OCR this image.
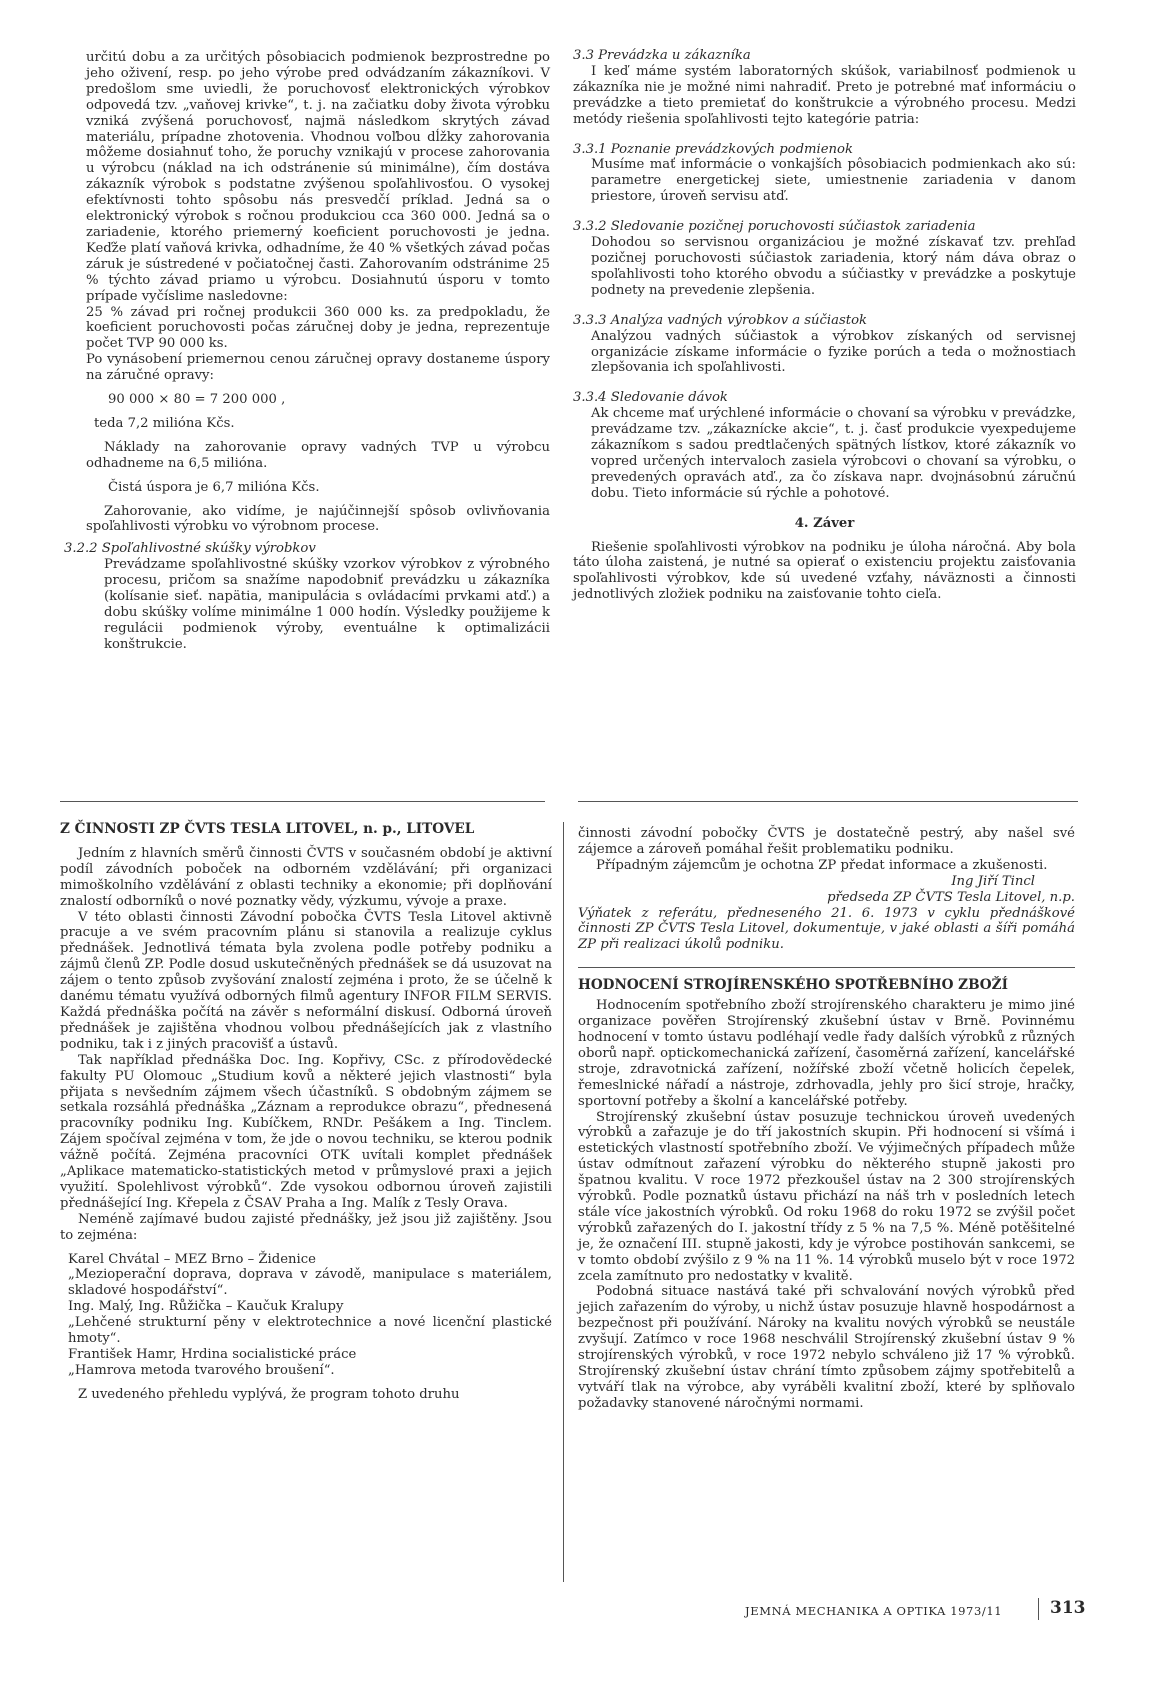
určitú dobu a za určitých pôsobiacich podmienok bezprostredne po jeho oživení, resp. po jeho výrobe pred odvádzaním zákazníkovi. V predošlom sme uviedli, že poruchovosť elektronických výrobkov odpovedá tzv. „vaňovej krivke“, t. j. na začiatku doby života výrobku vzniká zvýšená poruchovosť, najmä následkom skrytých závad materiálu, prípadne zhotovenia. Vhodnou voľbou dĺžky zahorovania môžeme dosiahnuť toho, že poruchy vznikajú v procese zahorovania u výrobcu (náklad na ich odstránenie sú minimálne), čím dostáva zákazník výrobok s podstatne zvýšenou spoľahlivosťou. O vysokej efektívnosti tohto spôsobu nás presvedčí príklad. Jedná sa o elektronický výrobok s ročnou produkciou cca 360 000. Jedná sa o zariadenie, ktorého priemerný koeficient poruchovosti je jedna. Keďže platí vaňová krivka, odhadníme, že 40 % všetkých závad počas záruk je sústredené v počiatočnej časti. Zahorovaním odstránime 25 % týchto závad priamo u výrobcu. Dosiahnutú úsporu v tomto prípade vyčíslime nasledovne:

25 % závad pri ročnej produkcii 360 000 ks. za predpokladu, že koeficient poruchovosti počas záručnej doby je jedna, reprezentuje počet TVP 90 000 ks.

Po vynásobení priemernou cenou záručnej opravy dostaneme úspory na záručné opravy:

90 000 × 80 = 7 200 000 ,

teda 7,2 milióna Kčs.

Náklady na zahorovanie opravy vadných TVP u výrobcu odhadneme na 6,5 milióna.

Čistá úspora je 6,7 milióna Kčs.

Zahorovanie, ako vidíme, je najúčinnejší spôsob ovlivňovania spoľahlivosti výrobku vo výrobnom procese.

3.2.2 Spoľahlivostné skúšky výrobkov

Prevádzame spoľahlivostné skúšky vzorkov výrobkov z výrobného procesu, pričom sa snažíme napodobniť prevádzku u zákazníka (kolísanie sieť. napätia, manipulácia s ovládacími prvkami atď.) a dobu skúšky volíme minimálne 1 000 hodín. Výsledky použijeme k regulácii podmienok výroby, eventuálne k optimalizácii konštrukcie.

3.3 Prevádzka u zákazníka

I keď máme systém laboratorných skúšok, variabilnosť podmienok u zákazníka nie je možné nimi nahradiť. Preto je potrebné mať informáciu o prevádzke a tieto premietať do konštrukcie a výrobného procesu. Medzi metódy riešenia spoľahlivosti tejto kategórie patria:

3.3.1 Poznanie prevádzkových podmienok

Musíme mať informácie o vonkajších pôsobiacich podmienkach ako sú: parametre energetickej siete, umiestnenie zariadenia v danom priestore, úroveň servisu atď.

3.3.2 Sledovanie pozičnej poruchovosti súčiastok zariadenia

Dohodou so servisnou organizáciou je možné získavať tzv. prehľad pozičnej poruchovosti súčiastok zariadenia, ktorý nám dáva obraz o spoľahlivosti toho ktorého obvodu a súčiastky v prevádzke a poskytuje podnety na prevedenie zlepšenia.

3.3.3 Analýza vadných výrobkov a súčiastok

Analýzou vadných súčiastok a výrobkov získaných od servisnej organizácie získame informácie o fyzike porúch a teda o možnostiach zlepšovania ich spoľahlivosti.

3.3.4 Sledovanie dávok

Ak chceme mať urýchlené informácie o chovaní sa výrobku v prevádzke, prevádzame tzv. „zákaznícke akcie“, t. j. časť produkcie vyexpedujeme zákazníkom s sadou predtlačených spätných lístkov, ktoré zákazník vo vopred určených intervaloch zasiela výrobcovi o chovaní sa výrobku, o prevedených opravách atď., za čo získava napr. dvojnásobnú záručnú dobu. Tieto informácie sú rýchle a pohotové.

4. Záver

Riešenie spoľahlivosti výrobkov na podniku je úloha náročná. Aby bola táto úloha zaistená, je nutné sa opierať o existenciu projektu zaisťovania spoľahlivosti výrobkov, kde sú uvedené vzťahy, náväznosti a činnosti jednotlivých zložiek podniku na zaisťovanie tohto cieľa.

Z ČINNOSTI ZP ČVTS TESLA LITOVEL, n. p., LITOVEL

Jedním z hlavních směrů činnosti ČVTS v současném období je aktivní podíl závodních poboček na odborném vzdělávání; při organizaci mimoškolního vzdělávání z oblasti techniky a ekonomie; při doplňování znalostí odborníků o nové poznatky vědy, výzkumu, vývoje a praxe.

V této oblasti činnosti Závodní pobočka ČVTS Tesla Litovel aktivně pracuje a ve svém pracovním plánu si stanovila a realizuje cyklus přednášek. Jednotlivá témata byla zvolena podle potřeby podniku a zájmů členů ZP. Podle dosud uskutečněných přednášek se dá usuzovat na zájem o tento způsob zvyšování znalostí zejména i proto, že se účelně k danému tématu využívá odborných filmů agentury INFOR FILM SERVIS. Každá přednáška počítá na závěr s neformální diskusí. Odborná úroveň přednášek je zajištěna vhodnou volbou přednášejících jak z vlastního podniku, tak i z jiných pracovišť a ústavů.

Tak například přednáška Doc. Ing. Kopřivy, CSc. z přírodovědecké fakulty PU Olomouc „Studium kovů a některé jejich vlastnosti“ byla přijata s nevšedním zájmem všech účastníků. S obdobným zájmem se setkala rozsáhlá přednáška „Záznam a reprodukce obrazu“, přednesená pracovníky podniku Ing. Kubíčkem, RNDr. Pešákem a Ing. Tinclem. Zájem spočíval zejména v tom, že jde o novou techniku, se kterou podnik vážně počítá. Zejména pracovníci OTK uvítali komplet přednášek „Aplikace matematicko-statistických metod v průmyslové praxi a jejich využití. Spolehlivost výrobků“. Zde vysokou odbornou úroveň zajistili přednášející Ing. Křepela z ČSAV Praha a Ing. Malík z Tesly Orava.

Neméně zajímavé budou zajisté přednášky, jež jsou již zajištěny. Jsou to zejména:

Karel Chvátal – MEZ Brno – Židenice

„Mezioperační doprava, doprava v závodě, manipulace s materiálem, skladové hospodářství“.

Ing. Malý, Ing. Růžička – Kaučuk Kralupy

„Lehčené strukturní pěny v elektrotechnice a nové licenční plastické hmoty“.

František Hamr, Hrdina socialistické práce

„Hamrova metoda tvarového broušení“.

Z uvedeného přehledu vyplývá, že program tohoto druhu

činnosti závodní pobočky ČVTS je dostatečně pestrý, aby našel své zájemce a zároveň pomáhal řešit problematiku podniku.

Případným zájemcům je ochotna ZP předat informace a zkušenosti.

Ing Jiří Tincl

předseda ZP ČVTS Tesla Litovel, n.p.

Výňatek z referátu, předneseného 21. 6. 1973 v cyklu přednáškové činnosti ZP ČVTS Tesla Litovel, dokumentuje, v jaké oblasti a šíři pomáhá ZP při realizaci úkolů podniku.

HODNOCENÍ STROJÍRENSKÉHO SPOTŘEBNÍHO ZBOŽÍ

Hodnocením spotřebního zboží strojírenského charakteru je mimo jiné organizace pověřen Strojírenský zkušební ústav v Brně. Povinnému hodnocení v tomto ústavu podléhají vedle řady dalších výrobků z různých oborů např. optickomechanická zařízení, časoměrná zařízení, kancelářské stroje, zdravotnická zařízení, nožířské zboží včetně holicích čepelek, řemeslnické nářadí a nástroje, zdrhovadla, jehly pro šicí stroje, hračky, sportovní potřeby a školní a kancelářské potřeby.

Strojírenský zkušební ústav posuzuje technickou úroveň uvedených výrobků a zařazuje je do tří jakostních skupin. Při hodnocení si všímá i estetických vlastností spotřebního zboží. Ve výjimečných případech může ústav odmítnout zařazení výrobku do některého stupně jakosti pro špatnou kvalitu. V roce 1972 přezkoušel ústav na 2 300 strojírenských výrobků. Podle poznatků ústavu přichází na náš trh v posledních letech stále více jakostních výrobků. Od roku 1968 do roku 1972 se zvýšil počet výrobků zařazených do I. jakostní třídy z 5 % na 7,5 %. Méně potěšitelné je, že označení III. stupně jakosti, kdy je výrobce postihován sankcemi, se v tomto období zvýšilo z 9 % na 11 %. 14 výrobků muselo být v roce 1972 zcela zamítnuto pro nedostatky v kvalitě.

Podobná situace nastává také při schvalování nových výrobků před jejich zařazením do výroby, u nichž ústav posuzuje hlavně hospodárnost a bezpečnost při používání. Nároky na kvalitu nových výrobků se neustále zvyšují. Zatímco v roce 1968 neschválil Strojírenský zkušební ústav 9 % strojírenských výrobků, v roce 1972 nebylo schváleno již 17 % výrobků. Strojírenský zkušební ústav chrání tímto způsobem zájmy spotřebitelů a vytváří tlak na výrobce, aby vyráběli kvalitní zboží, které by splňovalo požadavky stanovené náročnými normami.

JEMNÁ MECHANIKA A OPTIKA 1973/11	313
